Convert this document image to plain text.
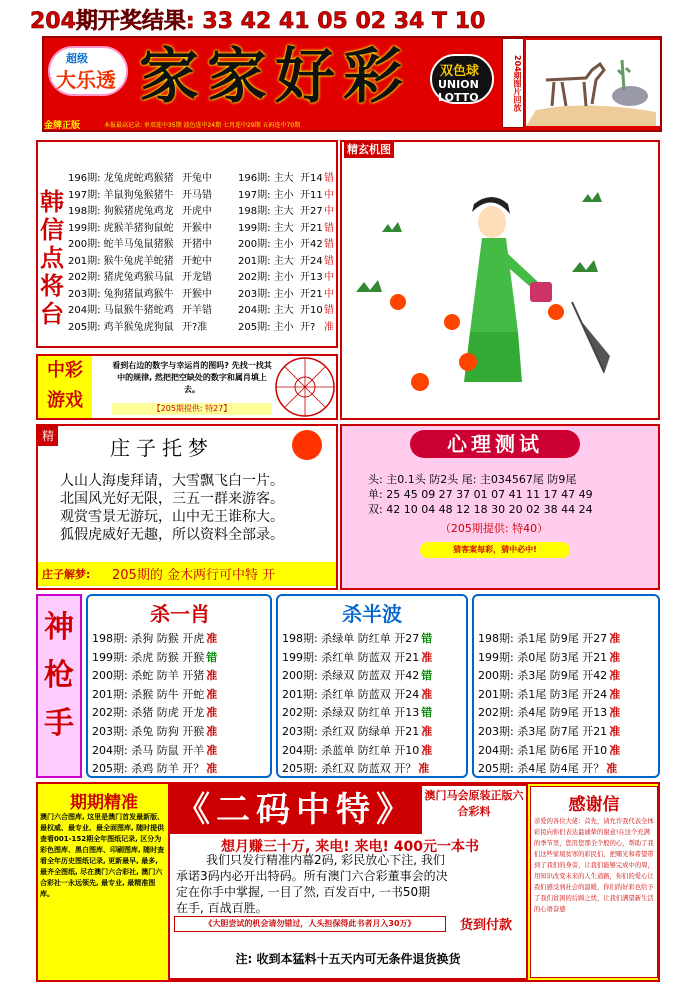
204期开奖结果: 33 42 41 05 02 34 T 10
超级
大乐透 家家好彩	双色球
UNION LOTTO
金牌正版	本报最高记录: 单双连中35期 波色连中24期 七肖连中29期 五码连中70期
204期图片回放
韩信点将台
196期: 龙兔虎蛇鸡猴猪 开兔中	196期: 主大 开14 错
197期: 羊鼠狗兔猴猪牛 开马错	197期: 主小 开11 中
198期: 狗猴猪虎兔鸡龙 开虎中	198期: 主大 开27 中
199期: 虎猴羊猪狗鼠蛇 开猴中	199期: 主大 开21 错
200期: 蛇羊马兔鼠猪猴 开猪中	200期: 主小 开42 错
201期: 猴牛兔虎羊蛇猪 开蛇中	201期: 主大 开24 错
202期: 猪虎兔鸡猴马鼠 开龙错	202期: 主小 开13 中
203期: 兔狗猪鼠鸡猴牛 开猴中	203期: 主小 开21 中
204期: 马鼠猴牛猪蛇鸡 开羊错	204期: 主大 开10 错
205期: 鸡羊猴兔虎狗鼠 开?准	205期: 主小 开? 准
精玄机图
中彩
游戏
看到右边的数字与幸运肖的图吗? 先找一找其中的规律, 然把把空缺处的数字和属肖填上去。
【205期提供: 特27】
精	庄子托梦
人山人海虔拜请，大雪飘飞白一片。
北国风光好无限，三五一群来游客。
观赏雪景无游玩，山中无王谁称大。
狐假虎威好无趣，所以资料全部录。
庄子解梦: 205期的 金木两行可中特 开
心理测试
头: 主0.1头 防2头 尾: 主034567尾 防9尾
单: 25 45 09 27 37 01 07 41 11 17 47 49
双: 42 10 04 48 12 18 30 20 02 38 44 24
（205期提供: 特40）
猜客案每彩，猜中必中!
神枪手
杀一肖	杀半波
198期: 杀狗 防猴 开虎 准
199期: 杀虎 防猴 开猴 错
200期: 杀蛇 防羊 开猪 准
201期: 杀猴 防牛 开蛇 准
202期: 杀猪 防虎 开龙 准
203期: 杀兔 防狗 开猴 准
204期: 杀马 防鼠 开羊 准
205期: 杀鸡 防羊 开？ 准
198期: 杀绿单 防红单 开27 错
199期: 杀红单 防蓝双 开21 准
200期: 杀绿双 防蓝双 开42 错
201期: 杀红单 防蓝双 开24 准
202期: 杀绿双 防红单 开13 错
203期: 杀红双 防绿单 开21 准
204期: 杀蓝单 防红单 开10 准
205期: 杀红双 防蓝双 开？ 准
198期: 杀1尾 防9尾 开27 准
199期: 杀0尾 防3尾 开21 准
200期: 杀3尾 防9尾 开42 准
201期: 杀1尾 防3尾 开24 准
202期: 杀4尾 防9尾 开13 准
203期: 杀3尾 防7尾 开21 准
204期: 杀1尾 防6尾 开10 准
205期: 杀4尾 防4尾 开？ 准
期期精准
澳门六合图库, 这里是澳门首发最新版、最权威、最专业、最全面图库, 随时提供查看001-152期全年图纸记录, 区分为彩色图库、黑白图库、印刷图库, 随时查看全年历史图纸记录, 更新最早, 最多, 最齐全图纸, 尽在澳门六合彩社, 澳门六合彩社一永远领先, 最专业, 最精准图库。
《二码中特》 澳门马会原装正版六合彩料
想月赚三十万, 来电! 来电! 400元一本书
我们只发行精准内幕2码, 彩民放心下注, 我们
承诺3码内必开出特码。所有澳门六合彩董事会的决
定在你手中掌握, 一目了然, 百发百中, 一书50期
在手, 百战百胜。
《大胆尝试的机会请勿错过，人头担保得此书者月入30万》	货到付款
注: 收到本猛料十五天内可无条件退货换货
感谢信
亲爱的各位大佬：首先，请允许我代表全体彩民向你们表达最诚挚的谢意!在这个充满的季节里，您用您那全个般的心，帮助了我们这些家境贫寒的彩民们，把赌光和希望带到了我们的身旁，让我们能够完成中的周，用知识改变未来的人生道路，你们的爱心让我们感受到社会的温暖，你们的好彩也给予了我们贫困的后顾之忧，让我们满望新生活的心语奋感
